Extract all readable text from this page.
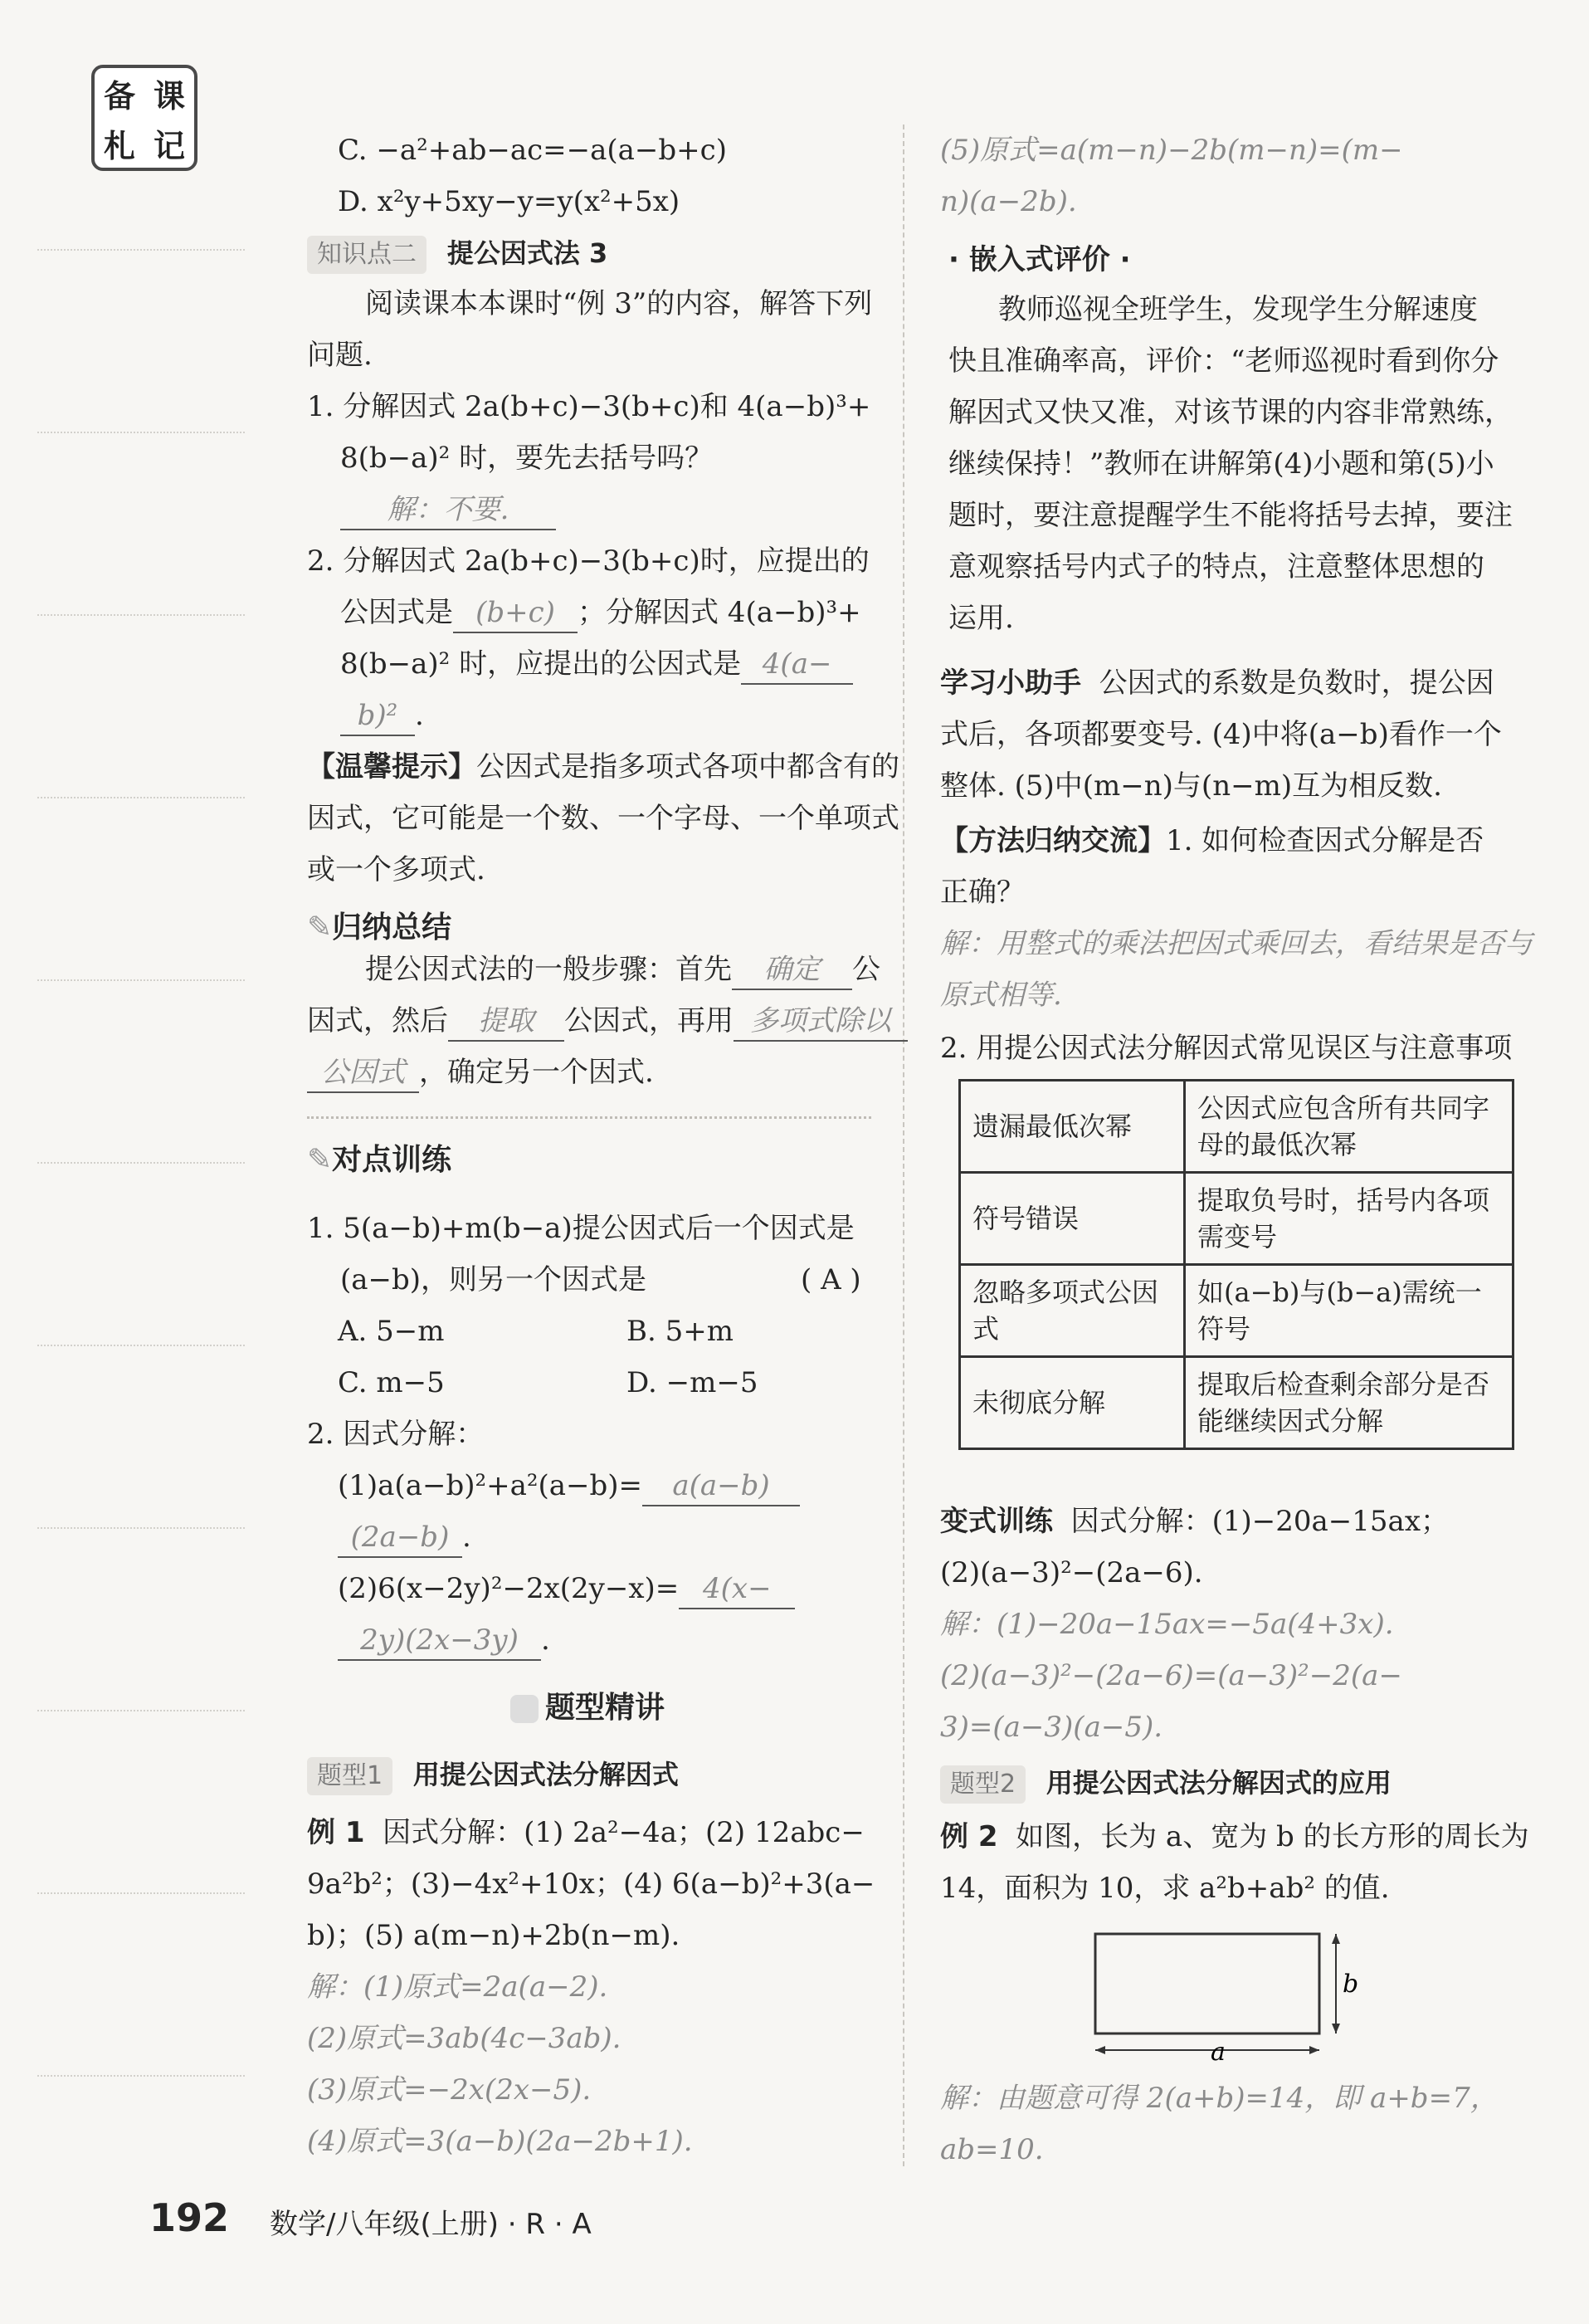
备 课
札 记	C. −a²+ab−ac=−a(a−b+c)
D. x²y+5xy−y=y(x²+5x)
知识点二 提公因式法 3
阅读课本本课时“例 3”的内容，解答下列
问题.
1. 分解因式 2a(b+c)−3(b+c)和 4(a−b)³+
8(b−a)² 时，要先去括号吗？
解：不要.
2. 分解因式 2a(b+c)−3(b+c)时，应提出的
公因式是 (b+c) ；分解因式 4(a−b)³+
8(b−a)² 时，应提出的公因式是 4(a−
b)² .
【温馨提示】公因式是指多项式各项中都含有的
因式，它可能是一个数、一个字母、一个单项式
或一个多项式.
✎归纳总结
提公因式法的一般步骤：首先 确定 公
因式，然后 提取 公因式，再用 多项式除以
公因式 ，确定另一个因式.
✎对点训练
1. 5(a−b)+m(b−a)提公因式后一个因式是
(a−b)，则另一个因式是	( A )
A. 5−m	B. 5+m
C. m−5	D. −m−5
2. 因式分解：
(1)a(a−b)²+a²(a−b)= a(a−b)
(2a−b) .
(2)6(x−2y)²−2x(2y−x)= 4(x−
2y)(2x−3y) .
题型精讲
题型1 用提公因式法分解因式
例 1 因式分解：(1) 2a²−4a；(2) 12abc−
9a²b²；(3)−4x²+10x；(4) 6(a−b)²+3(a−
b)；(5) a(m−n)+2b(n−m).
解：(1)原式=2a(a−2).
(2)原式=3ab(4c−3ab).
(3)原式=−2x(2x−5).
(4)原式=3(a−b)(2a−2b+1).
(5)原式=a(m−n)−2b(m−n)=(m−
n)(a−2b).
· 嵌入式评价 ·
教师巡视全班学生，发现学生分解速度
快且准确率高，评价：“老师巡视时看到你分
解因式又快又准，对该节课的内容非常熟练，
继续保持！”教师在讲解第(4)小题和第(5)小
题时，要注意提醒学生不能将括号去掉，要注
意观察括号内式子的特点，注意整体思想的
运用.
学习小助手 公因式的系数是负数时，提公因
式后，各项都要变号. (4)中将(a−b)看作一个
整体. (5)中(m−n)与(n−m)互为相反数.
【方法归纳交流】1. 如何检查因式分解是否
正确？
解：用整式的乘法把因式乘回去，看结果是否与
原式相等.
2. 用提公因式法分解因式常见误区与注意事项
遗漏最低次幂	公因式应包含所有共同字母的最低次幂
符号错误	提取负号时，括号内各项需变号
忽略多项式公因式	如(a−b)与(b−a)需统一符号
未彻底分解	提取后检查剩余部分是否能继续因式分解
变式训练 因式分解：(1)−20a−15ax；
(2)(a−3)²−(2a−6).
解：(1)−20a−15ax=−5a(4+3x).
(2)(a−3)²−(2a−6)=(a−3)²−2(a−
3)=(a−3)(a−5).
题型2 用提公因式法分解因式的应用
例 2 如图，长为 a、宽为 b 的长方形的周长为
14，面积为 10，求 a²b+ab² 的值.
a
b
解：由题意可得 2(a+b)=14，即 a+b=7，
ab=10.
192 数学/八年级(上册) · R · A
